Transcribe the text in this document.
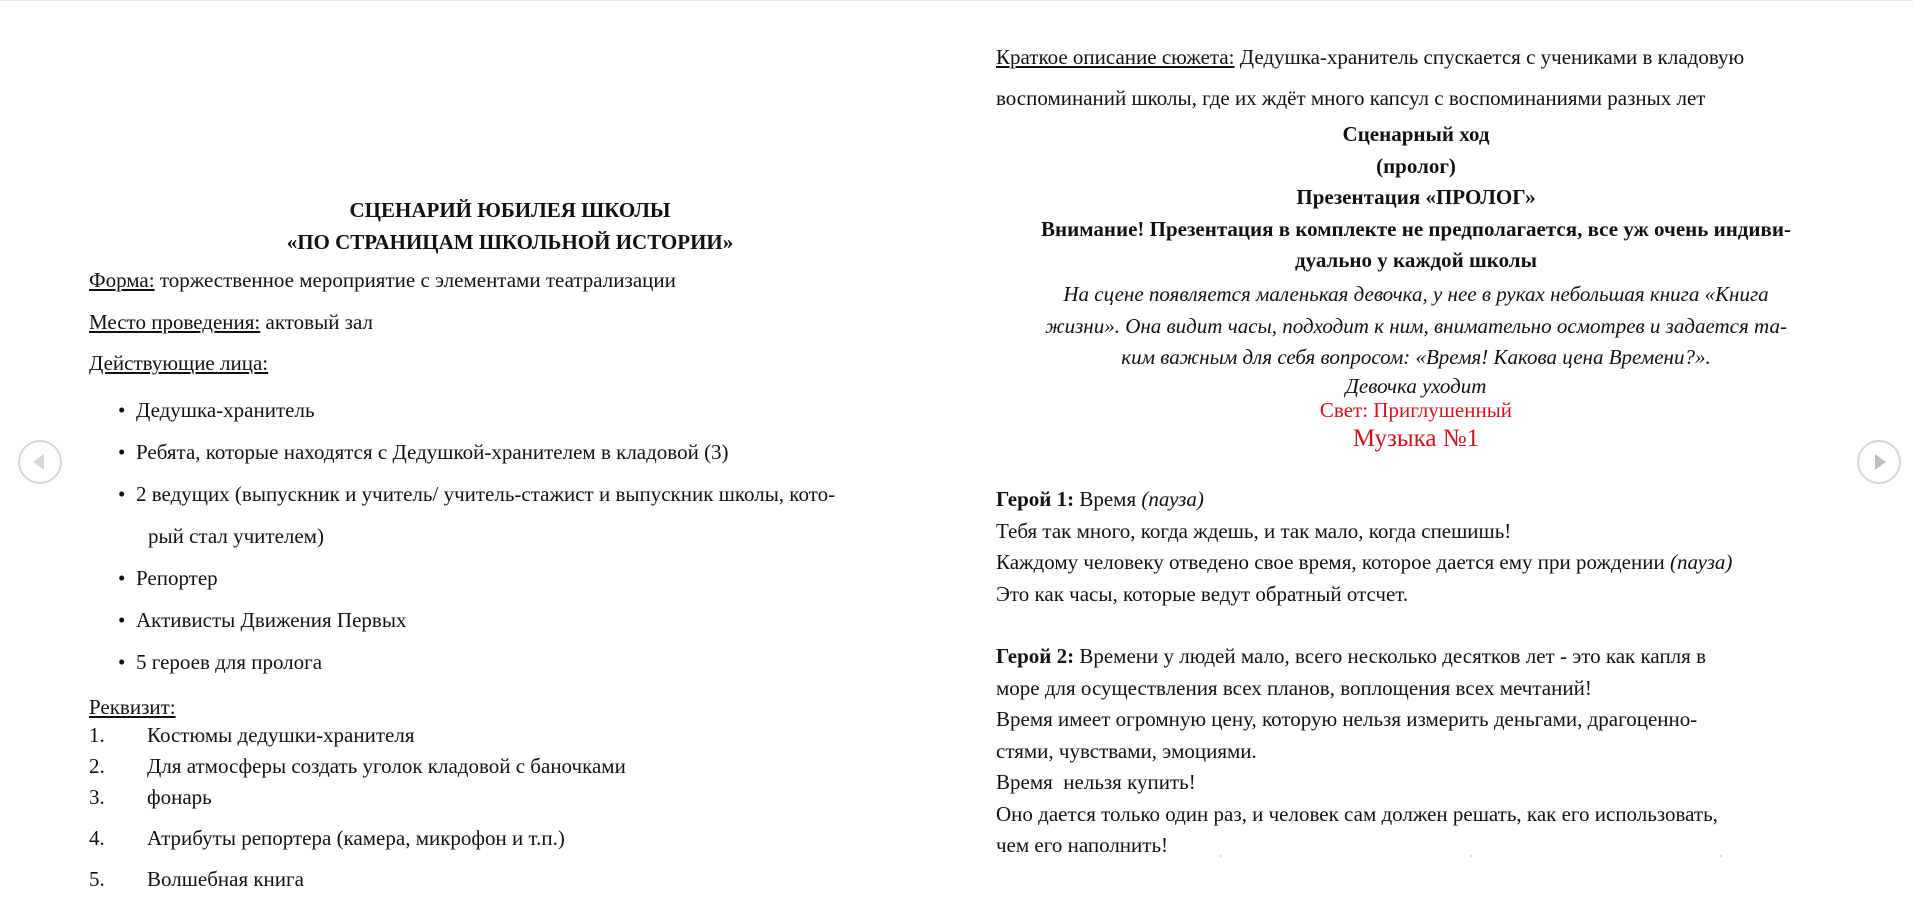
СЦЕНАРИЙ ЮБИЛЕЯ ШКОЛЫ
«ПО СТРАНИЦАМ ШКОЛЬНОЙ ИСТОРИИ»
Форма: торжественное мероприятие с элементами театрализации
Место проведения: актовый зал
Действующие лица:
• Дедушка-хранитель
• Ребята, которые находятся с Дедушкой-хранителем в кладовой (3)
• 2 ведущих (выпускник и учитель/ учитель-стажист и выпускник школы, кото-
рый стал учителем)
• Репортер
• Активисты Движения Первых
• 5 героев для пролога
Реквизит:
1. Костюмы дедушки-хранителя
2. Для атмосферы создать уголок кладовой с баночками
3. фонарь
4. Атрибуты репортера (камера, микрофон и т.п.)
5. Волшебная книга
Краткое описание сюжета: Дедушка-хранитель спускается с учениками в кладовую
воспоминаний школы, где их ждёт много капсул с воспоминаниями разных лет
Сценарный ход
(пролог)
Презентация «ПРОЛОГ»
Внимание! Презентация в комплекте не предполагается, все уж очень индиви-
дуально у каждой школы
На сцене появляется маленькая девочка, у нее в руках небольшая книга «Книга
жизни». Она видит часы, подходит к ним, внимательно осмотрев и задается та-
ким важным для себя вопросом: «Время! Какова цена Времени?».
Девочка уходит
Свет: Приглушенный
Музыка №1
Герой 1: Время (пауза)
Тебя так много, когда ждешь, и так мало, когда спешишь!
Каждому человеку отведено свое время, которое дается ему при рождении (пауза)
Это как часы, которые ведут обратный отсчет.
Герой 2: Времени у людей мало, всего несколько десятков лет - это как капля в
море для осуществления всех планов, воплощения всех мечтаний!
Время имеет огромную цену, которую нельзя измерить деньгами, драгоценно-
стями, чувствами, эмоциями.
Время  нельзя купить!
Оно дается только один раз, и человек сам должен решать, как его использовать,
чем его наполнить!
